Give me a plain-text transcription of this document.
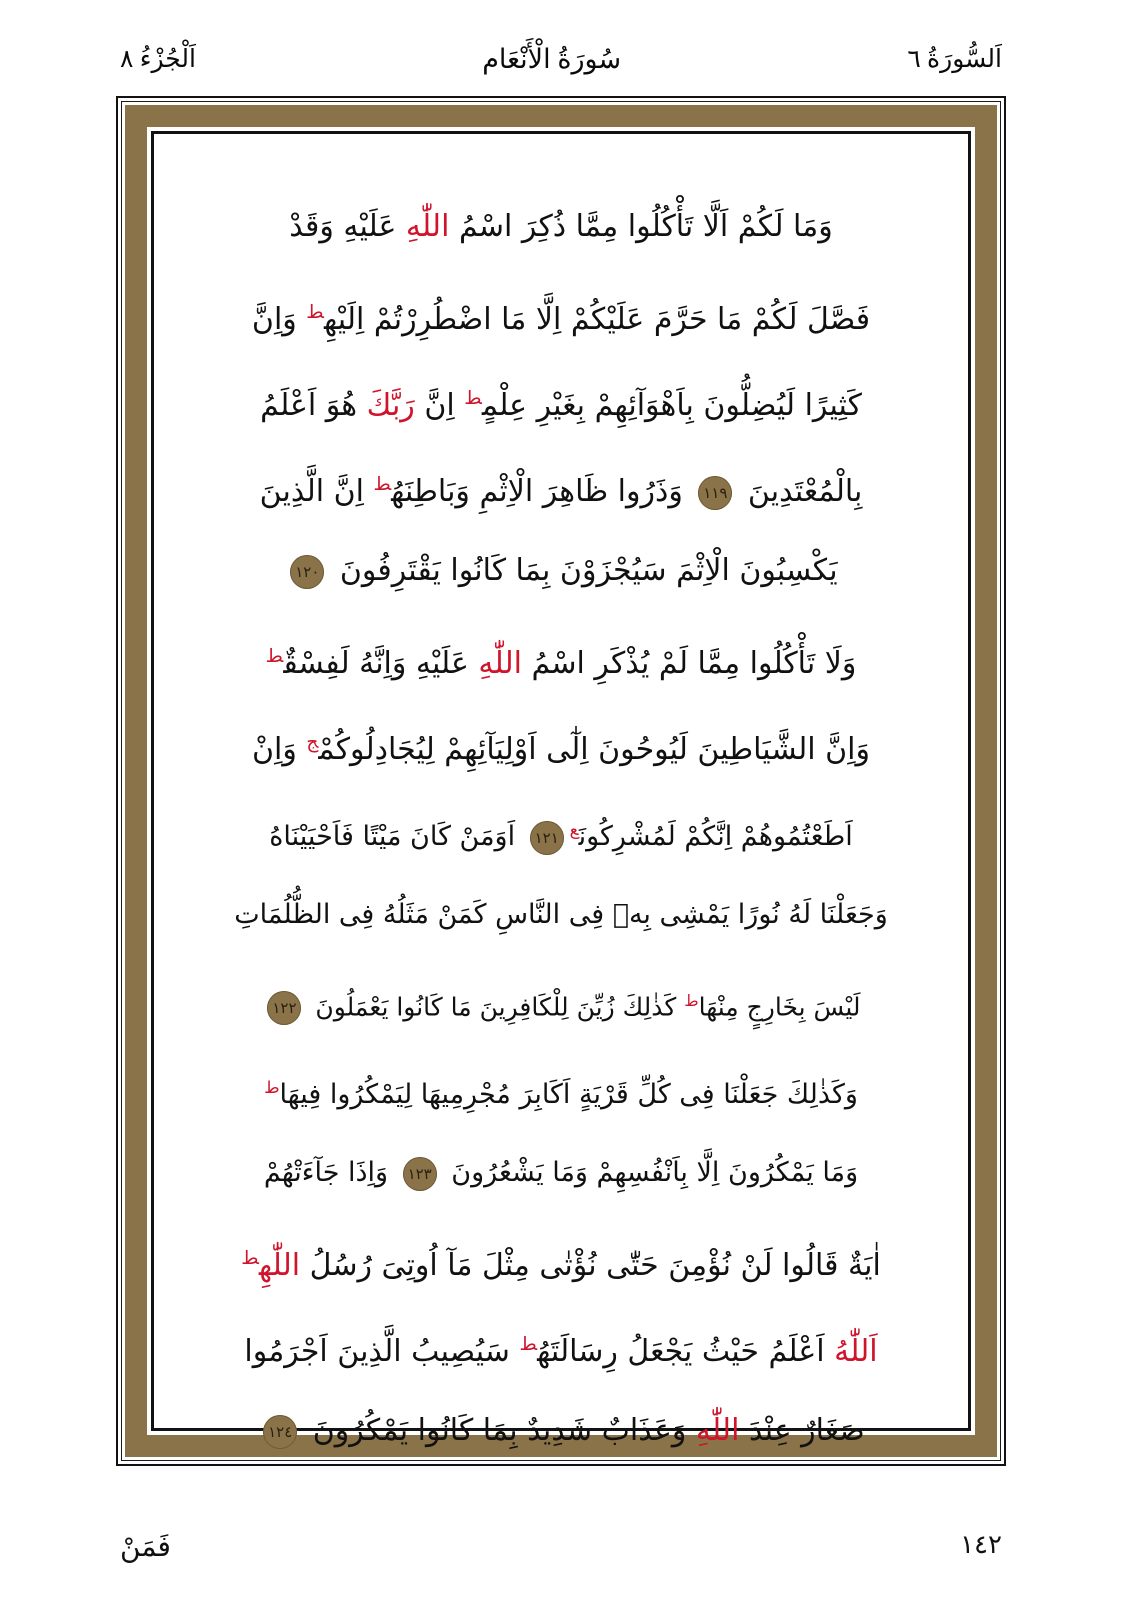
اَلْجُزْءُ ٨	سُورَةُ الْأَنْعَام	اَلسُّورَةُ ٦
وَمَا لَكُمْ اَلَّا تَأْكُلُوا مِمَّا ذُكِرَ اسْمُ اللّٰهِ عَلَيْهِ وَقَدْ
فَصَّلَ لَكُمْ مَا حَرَّمَ عَلَيْكُمْ اِلَّا مَا اضْطُرِرْتُمْ اِلَيْهِ$^ط$ وَاِنَّ
كَثِيرًا لَيُضِلُّونَ بِاَهْوَآئِهِمْ بِغَيْرِ عِلْمٍ$^ط$ اِنَّ رَبَّكَ هُوَ اَعْلَمُ
بِالْمُعْتَدِينَ ١١٩ وَذَرُوا ظَاهِرَ الْاِثْمِ وَبَاطِنَهُ$^ط$ اِنَّ الَّذِينَ
يَكْسِبُونَ الْاِثْمَ سَيُجْزَوْنَ بِمَا كَانُوا يَقْتَرِفُونَ ١٢٠
وَلَا تَأْكُلُوا مِمَّا لَمْ يُذْكَرِ اسْمُ اللّٰهِ عَلَيْهِ وَاِنَّهُ لَفِسْقٌ$^ط$
وَاِنَّ الشَّيَاطِينَ لَيُوحُونَ اِلٰٓى اَوْلِيَآئِهِمْ لِيُجَادِلُوكُمْ$^ج$ وَاِنْ
اَطَعْتُمُوهُمْ اِنَّكُمْ لَمُشْرِكُونَ$^ع$١٢١ اَوَمَنْ كَانَ مَيْتًا فَاَحْيَيْنَاهُ
وَجَعَلْنَا لَهُ نُورًا يَمْشِى بِهٖ فِى النَّاسِ كَمَنْ مَثَلُهُ فِى الظُّلُمَاتِ
لَيْسَ بِخَارِجٍ مِنْهَا$^ط$ كَذٰلِكَ زُيِّنَ لِلْكَافِرِينَ مَا كَانُوا يَعْمَلُونَ ١٢٢
وَكَذٰلِكَ جَعَلْنَا فِى كُلِّ قَرْيَةٍ اَكَابِرَ مُجْرِمِيهَا لِيَمْكُرُوا فِيهَا$^ط$
وَمَا يَمْكُرُونَ اِلَّا بِاَنْفُسِهِمْ وَمَا يَشْعُرُونَ ١٢٣ وَاِذَا جَآءَتْهُمْ
اٰيَةٌ قَالُوا لَنْ نُؤْمِنَ حَتّٰى نُؤْتٰى مِثْلَ مَآ اُوتِىَ رُسُلُ اللّٰهِ$^ط$
اَللّٰهُ اَعْلَمُ حَيْثُ يَجْعَلُ رِسَالَتَهُ$^ط$ سَيُصِيبُ الَّذِينَ اَجْرَمُوا
صَغَارٌ عِنْدَ اللّٰهِ وَعَذَابٌ شَدِيدٌ بِمَا كَانُوا يَمْكُرُونَ ١٢٤
١٤٢
فَمَنْ
